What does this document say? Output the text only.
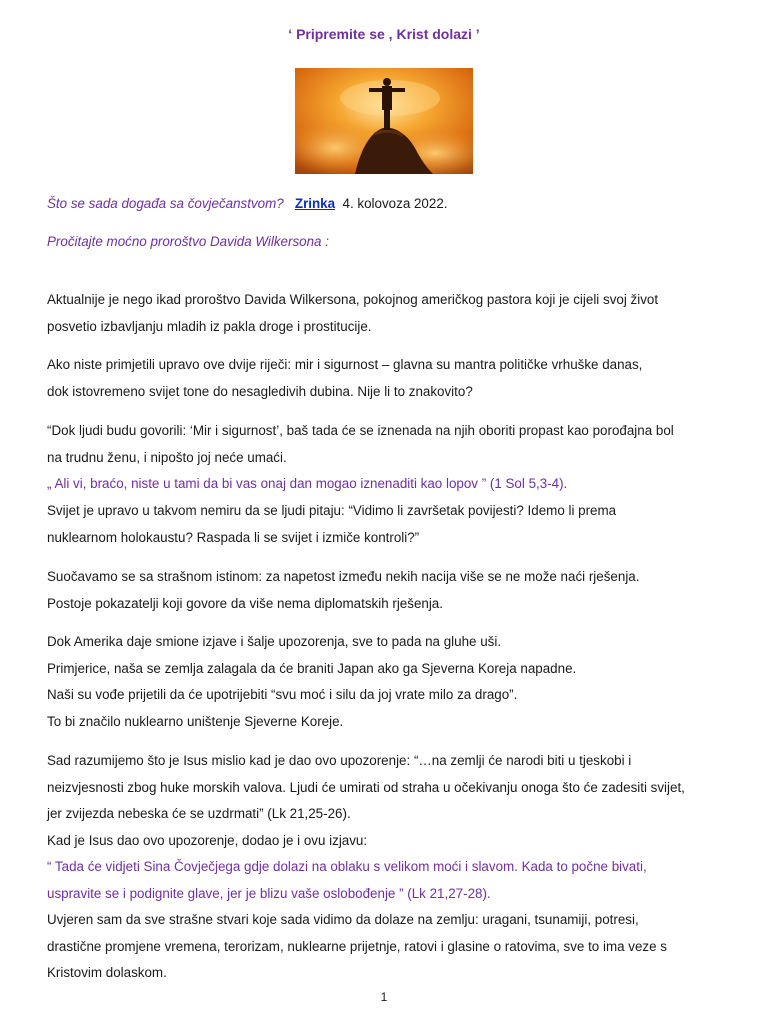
‘ Pripremite se , Krist dolazi ’
Što se sada događa sa čovječanstvom? Zrinka 4. kolovoza 2022.
Pročitajte moćno proroštvo Davida Wilkersona :
Aktualnije je nego ikad proroštvo Davida Wilkersona, pokojnog američkog pastora koji je cijeli svoj život
posvetio izbavljanju mladih iz pakla droge i prostitucije.
Ako niste primjetili upravo ove dvije riječi: mir i sigurnost – glavna su mantra političke vrhuške danas,
dok istovremeno svijet tone do nesagledivih dubina. Nije li to znakovito?
“Dok ljudi budu govorili: ‘Mir i sigurnost’, baš tada će se iznenada na njih oboriti propast kao porođajna bol
na trudnu ženu, i nipošto joj neće umaći.
„ Ali vi, braćo, niste u tami da bi vas onaj dan mogao iznenaditi kao lopov ” (1 Sol 5,3-4).
Svijet je upravo u takvom nemiru da se ljudi pitaju: “Vidimo li završetak povijesti? Idemo li prema
nuklearnom holokaustu? Raspada li se svijet i izmiče kontroli?”
Suočavamo se sa strašnom istinom: za napetost između nekih nacija više se ne može naći rješenja.
Postoje pokazatelji koji govore da više nema diplomatskih rješenja.
Dok Amerika daje smione izjave i šalje upozorenja, sve to pada na gluhe uši.
Primjerice, naša se zemlja zalagala da će braniti Japan ako ga Sjeverna Koreja napadne.
Naši su vođe prijetili da će upotrijebiti “svu moć i silu da joj vrate milo za drago”.
To bi značilo nuklearno uništenje Sjeverne Koreje.
Sad razumijemo što je Isus mislio kad je dao ovo upozorenje: “…na zemlji će narodi biti u tjeskobi i
neizvjesnosti zbog huke morskih valova. Ljudi će umirati od straha u očekivanju onoga što će zadesiti svijet,
jer zvijezda nebeska će se uzdrmati” (Lk 21,25-26).
Kad je Isus dao ovo upozorenje, dodao je i ovu izjavu:
“ Tada će vidjeti Sina Čovječjega gdje dolazi na oblaku s velikom moći i slavom. Kada to počne bivati,
uspravite se i podignite glave, jer je blizu vaše oslobođenje ” (Lk 21,27-28).
Uvjeren sam da sve strašne stvari koje sada vidimo da dolaze na zemlju: uragani, tsunamiji, potresi,
drastične promjene vremena, terorizam, nuklearne prijetnje, ratovi i glasine o ratovima, sve to ima veze s
Kristovim dolaskom.
1
